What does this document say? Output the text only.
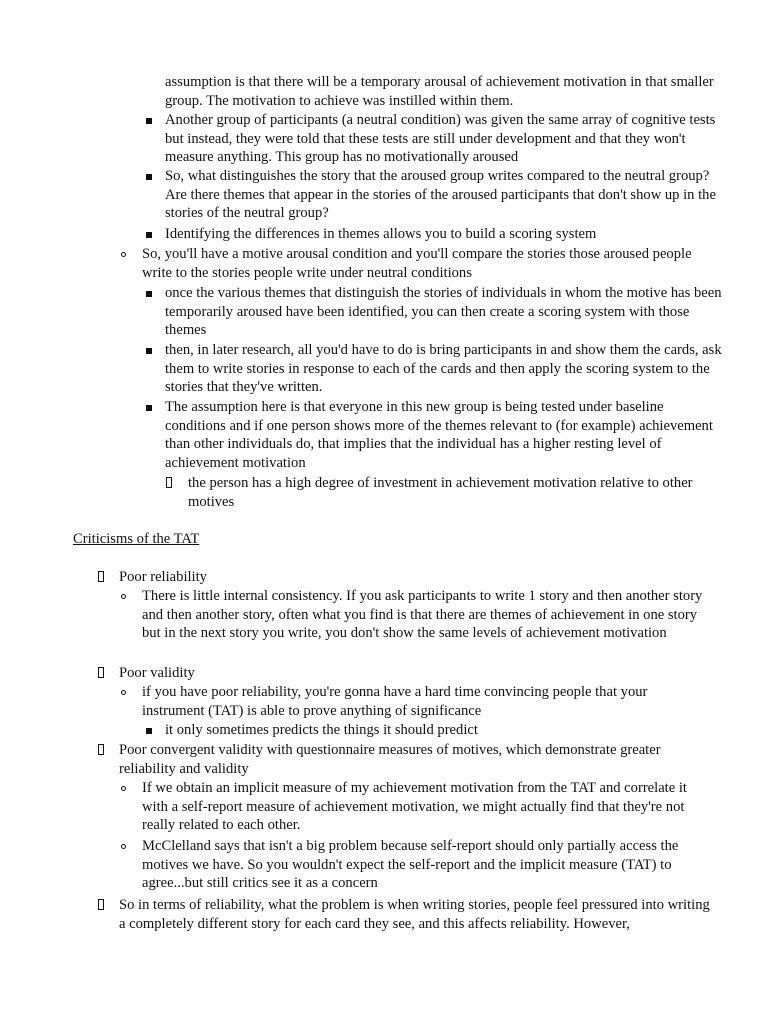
assumption is that there will be a temporary arousal of achievement motivation in that smaller group. The motivation to achieve was instilled within them.

Another group of participants (a neutral condition) was given the same array of cognitive tests but instead, they were told that these tests are still under development and that they won't measure anything. This group has no motivationally aroused

So, what distinguishes the story that the aroused group writes compared to the neutral group? Are there themes that appear in the stories of the aroused participants that don't show up in the stories of the neutral group?

Identifying the differences in themes allows you to build a scoring system

So, you'll have a motive arousal condition and you'll compare the stories those aroused people write to the stories people write under neutral conditions

once the various themes that distinguish the stories of individuals in whom the motive has been temporarily aroused have been identified, you can then create a scoring system with those themes

then, in later research, all you'd have to do is bring participants in and show them the cards, ask them to write stories in response to each of the cards and then apply the scoring system to the stories that they've written.

The assumption here is that everyone in this new group is being tested under baseline conditions and if one person shows more of the themes relevant to (for example) achievement than other individuals do, that implies that the individual has a higher resting level of achievement motivation

the person has a high degree of investment in achievement motivation relative to other motives

Criticisms of the TAT

Poor reliability

There is little internal consistency. If you ask participants to write 1 story and then another story and then another story, often what you find is that there are themes of achievement in one story but in the next story you write, you don't show the same levels of achievement motivation

Poor validity

if you have poor reliability, you're gonna have a hard time convincing people that your instrument (TAT) is able to prove anything of significance

it only sometimes predicts the things it should predict

Poor convergent validity with questionnaire measures of motives, which demonstrate greater reliability and validity

If we obtain an implicit measure of my achievement motivation from the TAT and correlate it with a self-report measure of achievement motivation, we might actually find that they're not really related to each other.

McClelland says that isn't a big problem because self-report should only partially access the motives we have. So you wouldn't expect the self-report and the implicit measure (TAT) to agree...but still critics see it as a concern

So in terms of reliability, what the problem is when writing stories, people feel pressured into writing a completely different story for each card they see, and this affects reliability. However,
